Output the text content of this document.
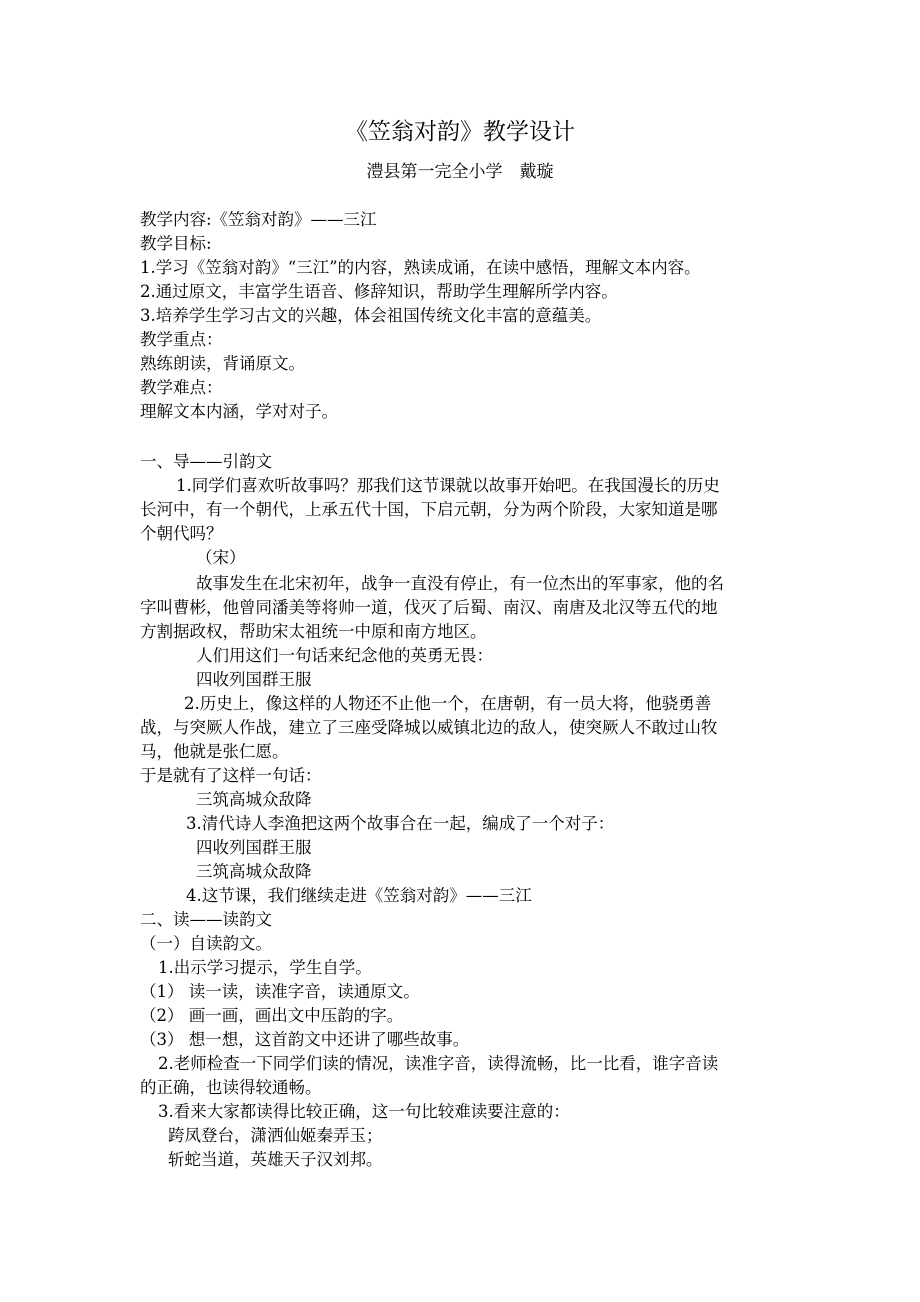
《笠翁对韵》教学设计
澧县第一完全小学　戴璇
教学内容:《笠翁对韵》——三江
教学目标:
1.学习《笠翁对韵》“三江”的内容，熟读成诵，在读中感悟，理解文本内容。
2.通过原文，丰富学生语音、修辞知识，帮助学生理解所学内容。
3.培养学生学习古文的兴趣，体会祖国传统文化丰富的意蕴美。
教学重点：
熟练朗读，背诵原文。
教学难点：
理解文本内涵，学对对子。
一、导——引韵文
1.同学们喜欢听故事吗？那我们这节课就以故事开始吧。在我国漫长的历史
长河中，有一个朝代，上承五代十国，下启元朝，分为两个阶段，大家知道是哪
个朝代吗？
（宋）
故事发生在北宋初年，战争一直没有停止，有一位杰出的军事家，他的名
字叫曹彬，他曾同潘美等将帅一道，伐灭了后蜀、南汉、南唐及北汉等五代的地
方割据政权，帮助宋太祖统一中原和南方地区。
人们用这们一句话来纪念他的英勇无畏：
四收列国群王服
2.历史上，像这样的人物还不止他一个，在唐朝，有一员大将，他骁勇善
战，与突厥人作战，建立了三座受降城以威镇北边的敌人，使突厥人不敢过山牧
马，他就是张仁愿。
于是就有了这样一句话：
三筑高城众敌降
3.清代诗人李渔把这两个故事合在一起，编成了一个对子：
四收列国群王服
三筑高城众敌降
4.这节课，我们继续走进《笠翁对韵》——三江
二、读——读韵文
（一）自读韵文。
1.出示学习提示，学生自学。
（1） 读一读，读准字音，读通原文。
（2） 画一画，画出文中压韵的字。
（3） 想一想，这首韵文中还讲了哪些故事。
2.老师检查一下同学们读的情况，读准字音，读得流畅，比一比看，谁字音读
的正确，也读得较通畅。
3.看来大家都读得比较正确，这一句比较难读要注意的：
跨凤登台，潇洒仙姬秦弄玉；
斩蛇当道，英雄天子汉刘邦。
